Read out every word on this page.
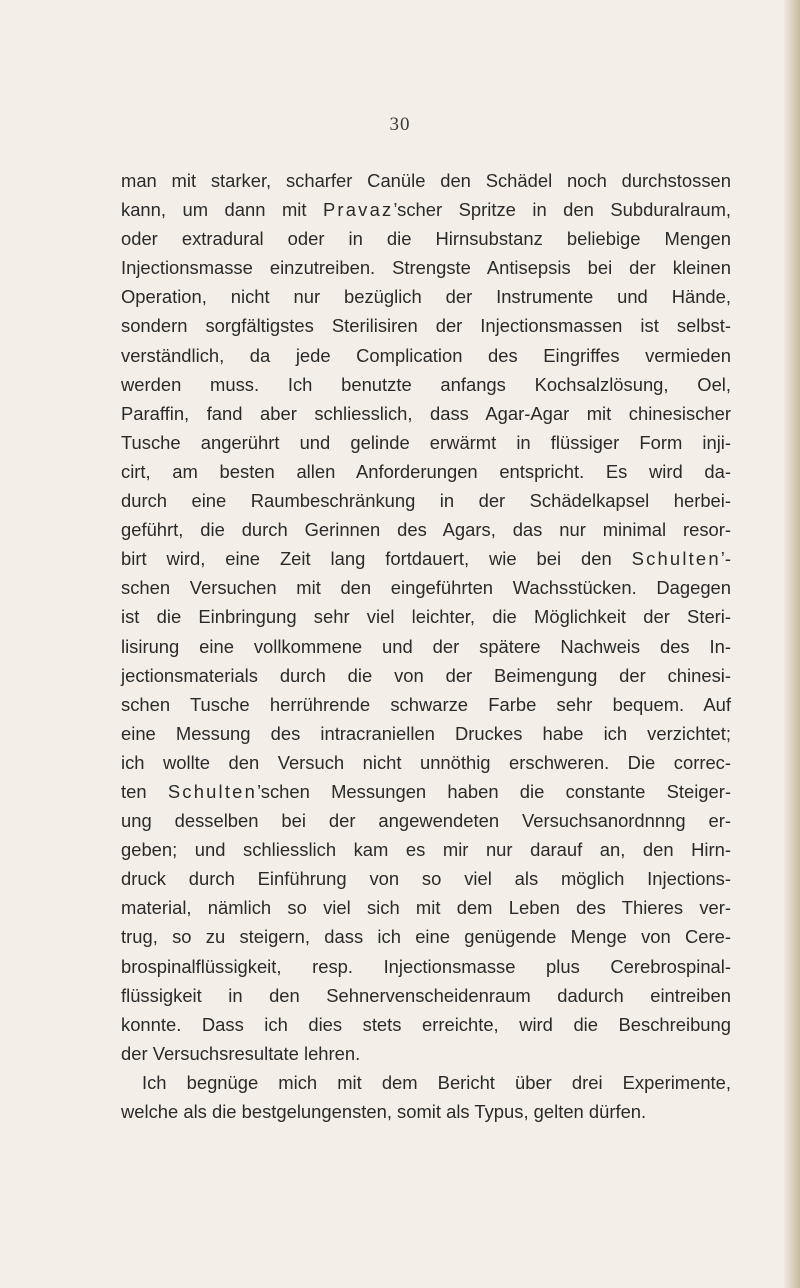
30
man mit starker, scharfer Canüle den Schädel noch durchstossen
kann, um dann mit Pravaz’scher Spritze in den Subduralraum,
oder extradural oder in die Hirnsubstanz beliebige Mengen
Injectionsmasse einzutreiben. Strengste Antisepsis bei der kleinen
Operation, nicht nur bezüglich der Instrumente und Hände,
sondern sorgfältigstes Sterilisiren der Injectionsmassen ist selbst-
verständlich, da jede Complication des Eingriffes vermieden
werden muss. Ich benutzte anfangs Kochsalzlösung, Oel,
Paraffin, fand aber schliesslich, dass Agar-Agar mit chinesischer
Tusche angerührt und gelinde erwärmt in flüssiger Form inji-
cirt, am besten allen Anforderungen entspricht. Es wird da-
durch eine Raumbeschränkung in der Schädelkapsel herbei-
geführt, die durch Gerinnen des Agars, das nur minimal resor-
birt wird, eine Zeit lang fortdauert, wie bei den Schulten’-
schen Versuchen mit den eingeführten Wachsstücken. Dagegen
ist die Einbringung sehr viel leichter, die Möglichkeit der Steri-
lisirung eine vollkommene und der spätere Nachweis des In-
jectionsmaterials durch die von der Beimengung der chinesi-
schen Tusche herrührende schwarze Farbe sehr bequem. Auf
eine Messung des intracraniellen Druckes habe ich verzichtet;
ich wollte den Versuch nicht unnöthig erschweren. Die correc-
ten Schulten’schen Messungen haben die constante Steiger-
ung desselben bei der angewendeten Versuchsanordnnng er-
geben; und schliesslich kam es mir nur darauf an, den Hirn-
druck durch Einführung von so viel als möglich Injections-
material, nämlich so viel sich mit dem Leben des Thieres ver-
trug, so zu steigern, dass ich eine genügende Menge von Cere-
brospinalflüssigkeit, resp. Injectionsmasse plus Cerebrospinal-
flüssigkeit in den Sehnervenscheidenraum dadurch eintreiben
konnte. Dass ich dies stets erreichte, wird die Beschreibung
der Versuchsresultate lehren.
Ich begnüge mich mit dem Bericht über drei Experimente,
welche als die bestgelungensten, somit als Typus, gelten dürfen.
